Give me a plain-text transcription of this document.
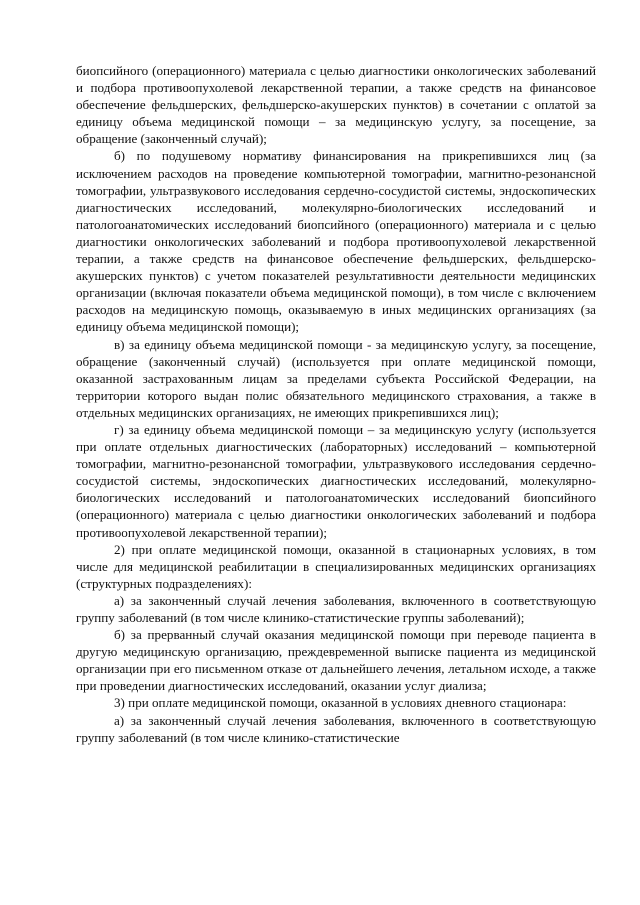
биопсийного (операционного) материала с целью диагностики онкологических заболеваний и подбора противоопухолевой лекарственной терапии, а также средств на финансовое обеспечение фельдшерских, фельдшерско-акушерских пунктов) в сочетании с оплатой за единицу объема медицинской помощи – за медицинскую услугу, за посещение, за обращение (законченный случай);

б) по подушевому нормативу финансирования на прикрепившихся лиц (за исключением расходов на проведение компьютерной томографии, магнитно-резонансной томографии, ультразвукового исследования сердечно-сосудистой системы, эндоскопических диагностических исследований, молекулярно-биологических исследований и патологоанатомических исследований биопсийного (операционного) материала и с целью диагностики онкологических заболеваний и подбора противоопухолевой лекарственной терапии, а также средств на финансовое обеспечение фельдшерских, фельдшерско-акушерских пунктов) с учетом показателей результативности деятельности медицинских организации (включая показатели объема медицинской помощи), в том числе с включением расходов на медицинскую помощь, оказываемую в иных медицинских организациях (за единицу объема медицинской помощи);

в) за единицу объема медицинской помощи - за медицинскую услугу, за посещение, обращение (законченный случай) (используется при оплате медицинской помощи, оказанной застрахованным лицам за пределами субъекта Российской Федерации, на территории которого выдан полис обязательного медицинского страхования, а также в отдельных медицинских организациях, не имеющих прикрепившихся лиц);

г) за единицу объема медицинской помощи – за медицинскую услугу (используется при оплате отдельных диагностических (лабораторных) исследований – компьютерной томографии, магнитно-резонансной томографии, ультразвукового исследования сердечно-сосудистой системы, эндоскопических диагностических исследований, молекулярно-биологических исследований и патологоанатомических исследований биопсийного (операционного) материала с целью диагностики онкологических заболеваний и подбора противоопухолевой лекарственной терапии);

2) при оплате медицинской помощи, оказанной в стационарных условиях, в том числе для медицинской реабилитации в специализированных медицинских организациях (структурных подразделениях):

а) за законченный случай лечения заболевания, включенного в соответствующую группу заболеваний (в том числе клинико-статистические группы заболеваний);

б) за прерванный случай оказания медицинской помощи при переводе пациента в другую медицинскую организацию, преждевременной выписке пациента из медицинской организации при его письменном отказе от дальнейшего лечения, летальном исходе, а также при проведении диагностических исследований, оказании услуг диализа;

3) при оплате медицинской помощи, оказанной в условиях дневного стационара:

а) за законченный случай лечения заболевания, включенного в соответствующую группу заболеваний (в том числе клинико-статистические
